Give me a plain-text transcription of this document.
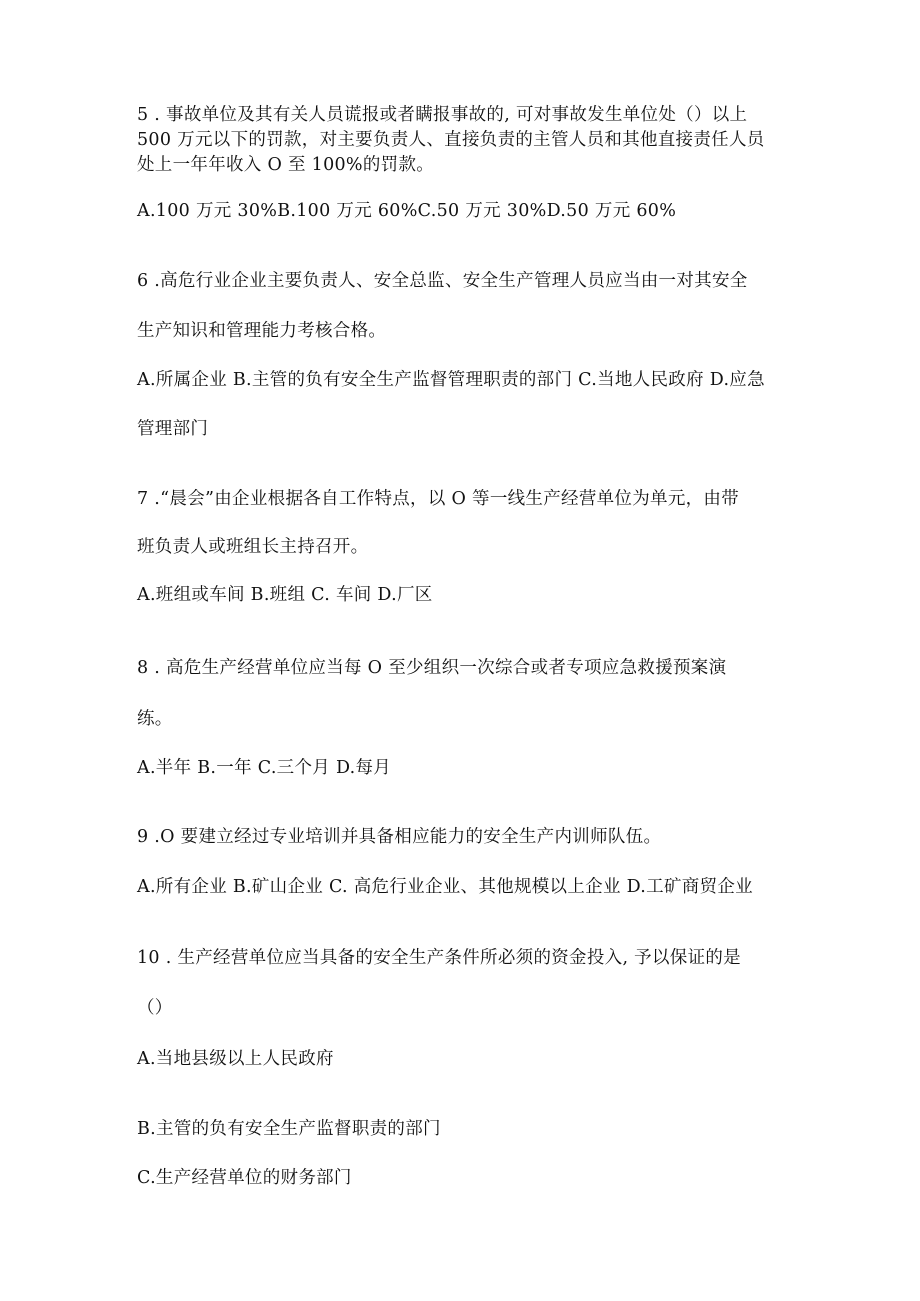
5 . 事故单位及其有关人员谎报或者瞒报事故的, 可对事故发生单位处（）以上
500 万元以下的罚款，对主要负责人、直接负责的主管人员和其他直接责任人员
处上一年年收入 O 至 100%的罚款。
A.100 万元 30%B.100 万元 60%C.50 万元 30%D.50 万元 60%
6 .高危行业企业主要负责人、安全总监、安全生产管理人员应当由一对其安全
生产知识和管理能力考核合格。
A.所属企业 B.主管的负有安全生产监督管理职责的部门 C.当地人民政府 D.应急
管理部门
7 .“晨会”由企业根据各自工作特点，以 O 等一线生产经营单位为单元，由带
班负责人或班组长主持召开。
A.班组或车间 B.班组 C. 车间 D.厂区
8 . 高危生产经营单位应当每 O 至少组织一次综合或者专项应急救援预案演
练。
A.半年 B.一年 C.三个月 D.每月
9 .O 要建立经过专业培训并具备相应能力的安全生产内训师队伍。
A.所有企业 B.矿山企业 C. 高危行业企业、其他规模以上企业 D.工矿商贸企业
10 . 生产经营单位应当具备的安全生产条件所必须的资金投入, 予以保证的是
（）
A.当地县级以上人民政府
B.主管的负有安全生产监督职责的部门
C.生产经营单位的财务部门
